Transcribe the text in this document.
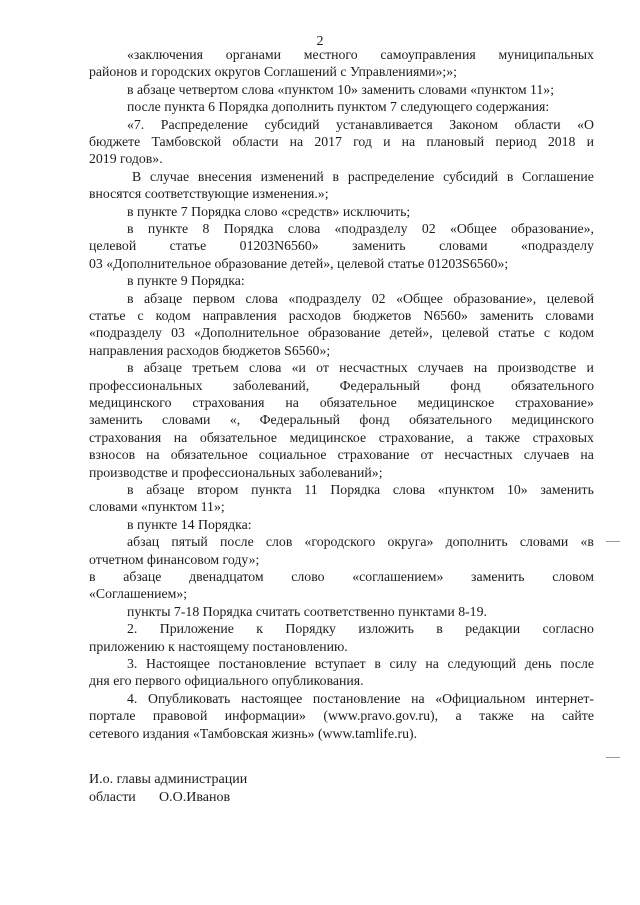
2
«заключения органами местного самоуправления муниципальных
районов и городских округов Соглашений с Управлениями»;»;
в абзаце четвертом слова «пунктом 10» заменить словами «пунктом 11»;
после пункта 6 Порядка дополнить пунктом 7 следующего содержания:
«7. Распределение субсидий устанавливается Законом области «О
бюджете Тамбовской области на 2017 год и на плановый период 2018 и
2019 годов».
В случае внесения изменений в распределение субсидий в Соглашение
вносятся соответствующие изменения.»;
в пункте 7 Порядка слово «средств» исключить;
в пункте 8 Порядка слова «подразделу 02 «Общее образование»,
целевой статье 01203N6560» заменить словами «подразделу
03 «Дополнительное образование детей», целевой статье 01203S6560»;
в пункте 9 Порядка:
в абзаце первом слова «подразделу 02 «Общее образование», целевой
статье с кодом направления расходов бюджетов N6560» заменить словами
«подразделу 03 «Дополнительное образование детей», целевой статье с кодом
направления расходов бюджетов S6560»;
в абзаце третьем слова «и от несчастных случаев на производстве и
профессиональных заболеваний, Федеральный фонд обязательного
медицинского страхования на обязательное медицинское страхование»
заменить словами «, Федеральный фонд обязательного медицинского
страхования на обязательное медицинское страхование, а также страховых
взносов на обязательное социальное страхование от несчастных случаев на
производстве и профессиональных заболеваний»;
в абзаце втором пункта 11 Порядка слова «пунктом 10» заменить
словами «пунктом 11»;
в пункте 14 Порядка:
абзац пятый после слов «городского округа» дополнить словами «в
отчетном финансовом году»;
в абзаце двенадцатом слово «соглашением» заменить словом
«Соглашением»;
пункты 7-18 Порядка считать соответственно пунктами 8-19.
2. Приложение к Порядку изложить в редакции согласно
приложению к настоящему постановлению.
3. Настоящее постановление вступает в силу на следующий день после
дня его первого официального опубликования.
4. Опубликовать настоящее постановление на «Официальном интернет-
портале правовой информации» (www.pravo.gov.ru), а также на сайте
сетевого издания «Тамбовская жизнь» (www.tamlife.ru).
И.о. главы администрации
области О.О.Иванов
